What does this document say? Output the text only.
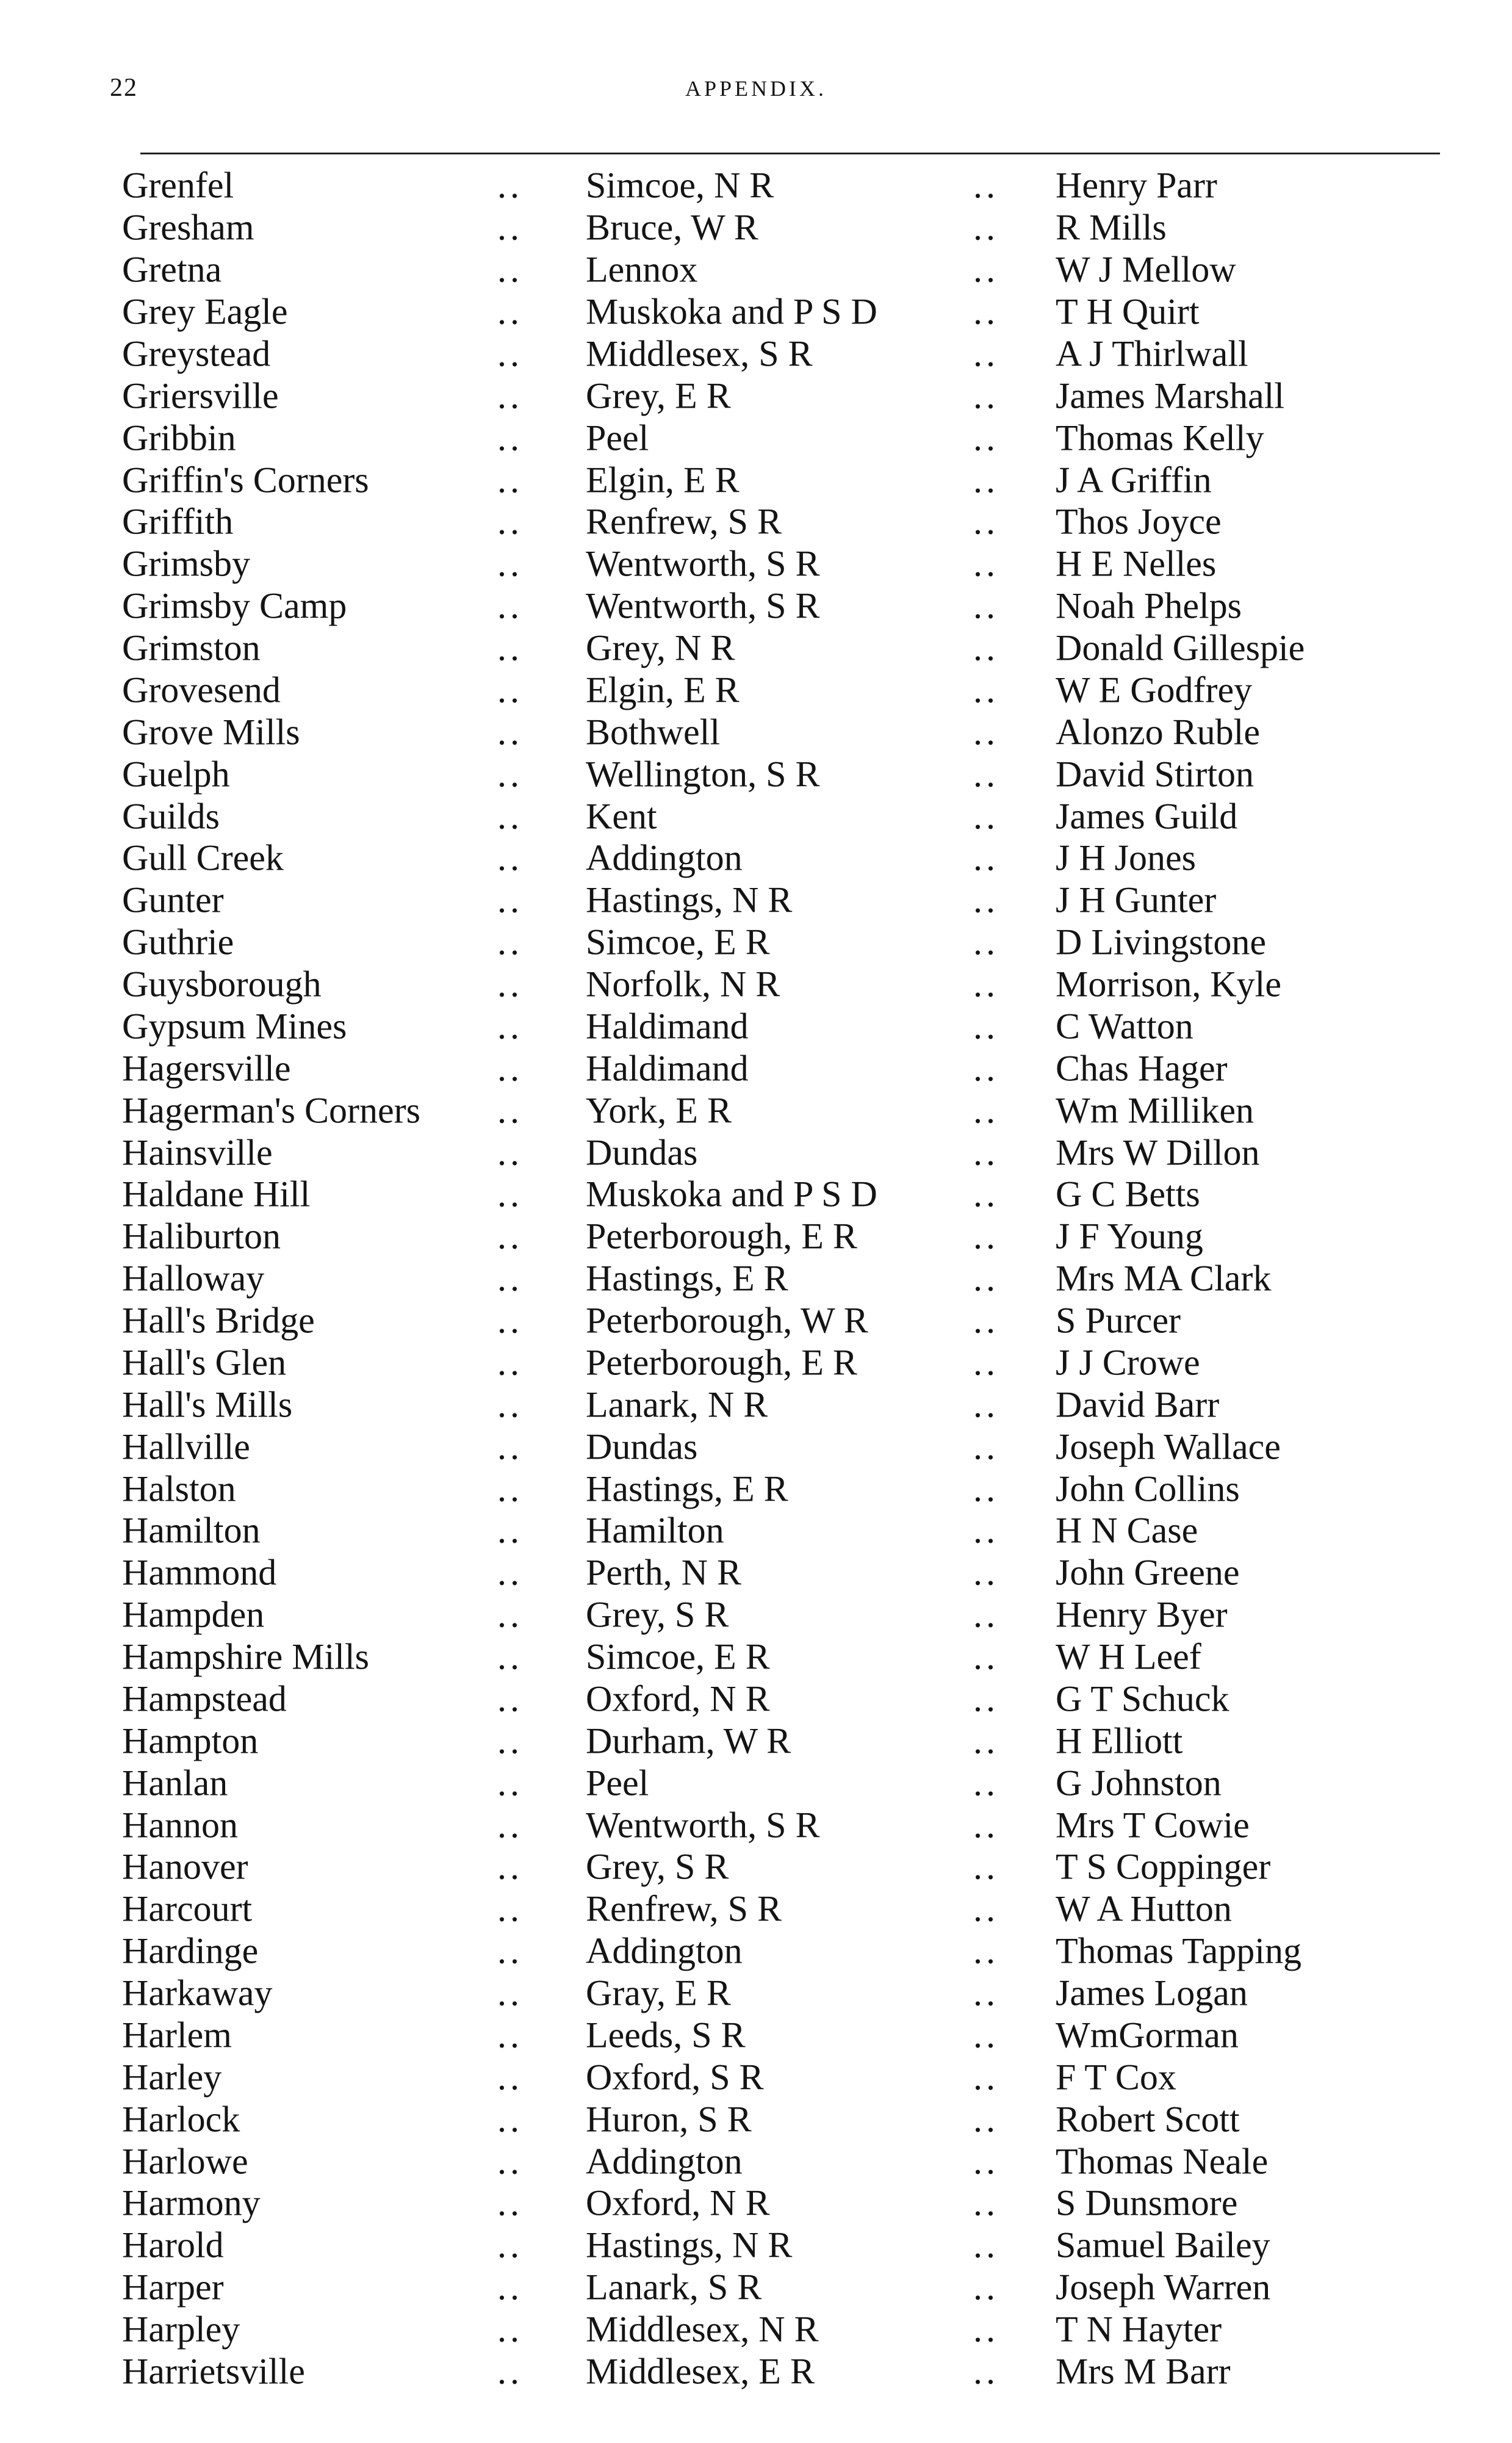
22	APPENDIX.
Grenfel	Simcoe, N R	Henry Parr
..	..
Gresham	Bruce, W R	R Mills
..	..
Gretna	Lennox	W J Mellow
..	..
Grey Eagle	Muskoka and P S D	T H Quirt
..	..
Greystead	Middlesex, S R	A J Thirlwall
..	..
Griersville	Grey, E R	James Marshall
..	..
Gribbin	Peel	Thomas Kelly
..	..
Griffin's Corners	Elgin, E R	J A Griffin
..	..
Griffith	Renfrew, S R	Thos Joyce
..	..
Grimsby	Wentworth, S R	H E Nelles
..	..
Grimsby Camp	Wentworth, S R	Noah Phelps
..	..
Grimston	Grey, N R	Donald Gillespie
..	..
Grovesend	Elgin, E R	W E Godfrey
..	..
Grove Mills	Bothwell	Alonzo Ruble
..	..
Guelph	Wellington, S R	David Stirton
..	..
Guilds	Kent	James Guild
..	..
Gull Creek	Addington	J H Jones
..	..
Gunter	Hastings, N R	J H Gunter
..	..
Guthrie	Simcoe, E R	D Livingstone
..	..
Guysborough	Norfolk, N R	Morrison, Kyle
..	..
Gypsum Mines	Haldimand	C Watton
..	..
Hagersville	Haldimand	Chas Hager
..	..
Hagerman's Corners	York, E R	Wm Milliken
..	..
Hainsville	Dundas	Mrs W Dillon
..	..
Haldane Hill	Muskoka and P S D	G C Betts
..	..
Haliburton	Peterborough, E R	J F Young
..	..
Halloway	Hastings, E R	Mrs MA Clark
..	..
Hall's Bridge	Peterborough, W R	S Purcer
..	..
Hall's Glen	Peterborough, E R	J J Crowe
..	..
Hall's Mills	Lanark, N R	David Barr
..	..
Hallville	Dundas	Joseph Wallace
..	..
Halston	Hastings, E R	John Collins
..	..
Hamilton	Hamilton	H N Case
..	..
Hammond	Perth, N R	John Greene
..	..
Hampden	Grey, S R	Henry Byer
..	..
Hampshire Mills	Simcoe, E R	W H Leef
..	..
Hampstead	Oxford, N R	G T Schuck
..	..
Hampton	Durham, W R	H Elliott
..	..
Hanlan	Peel	G Johnston
..	..
Hannon	Wentworth, S R	Mrs T Cowie
..	..
Hanover	Grey, S R	T S Coppinger
..	..
Harcourt	Renfrew, S R	W A Hutton
..	..
Hardinge	Addington	Thomas Tapping
..	..
Harkaway	Gray, E R	James Logan
..	..
Harlem	Leeds, S R	WmGorman
..	..
Harley	Oxford, S R	F T Cox
..	..
Harlock	Huron, S R	Robert Scott
..	..
Harlowe	Addington	Thomas Neale
..	..
Harmony	Oxford, N R	S Dunsmore
..	..
Harold	Hastings, N R	Samuel Bailey
..	..
Harper	Lanark, S R	Joseph Warren
..	..
Harpley	Middlesex, N R	T N Hayter
..	..
Harrietsville	Middlesex, E R	Mrs M Barr
..	..
